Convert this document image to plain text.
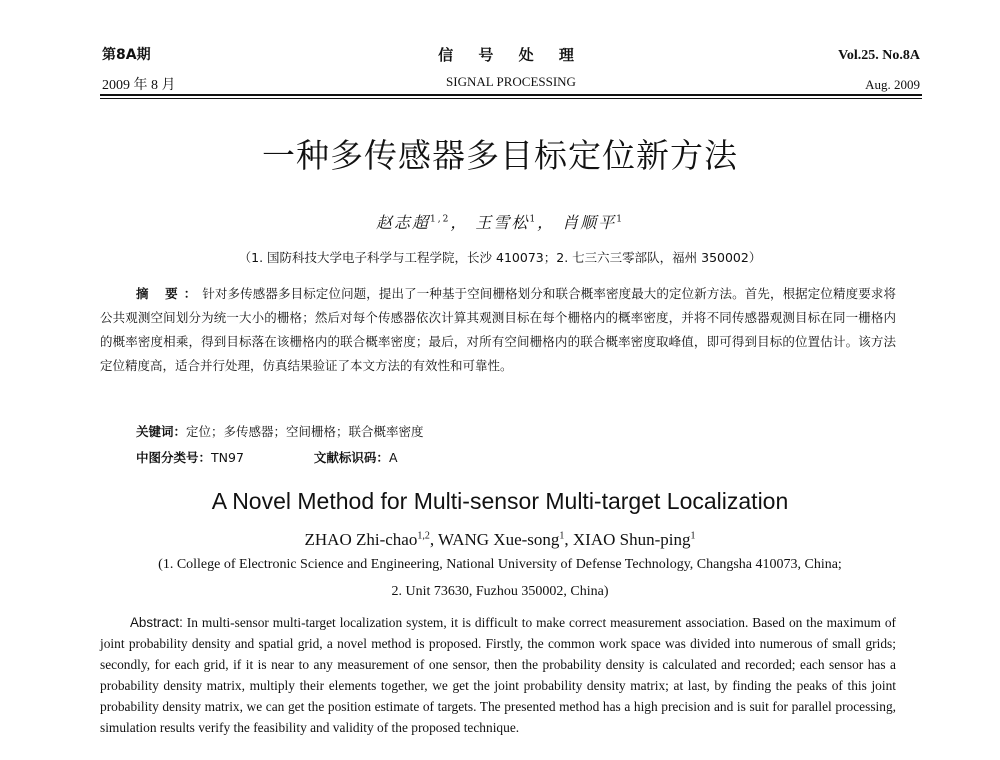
第8A期	信 号 处 理	Vol.25. No.8A
2009 年 8 月	SIGNAL PROCESSING	Aug. 2009
一种多传感器多目标定位新方法
赵志超$^{1,2}$， 王雪松$^1$， 肖顺平$^1$
（1. 国防科技大学电子科学与工程学院，长沙 410073；2. 七三六三零部队，福州 350002）
摘 要：针对多传感器多目标定位问题，提出了一种基于空间栅格划分和联合概率密度最大的定位新方法。首先，根据定位精度要求将公共观测空间划分为统一大小的栅格；然后对每个传感器依次计算其观测目标在每个栅格内的概率密度，并将不同传感器观测目标在同一栅格内的概率密度相乘，得到目标落在该栅格内的联合概率密度；最后，对所有空间栅格内的联合概率密度取峰值，即可得到目标的位置估计。该方法定位精度高，适合并行处理，仿真结果验证了本文方法的有效性和可靠性。
关键词：定位；多传感器；空间栅格；联合概率密度
中图分类号：TN97	文献标识码：A
A Novel Method for Multi-sensor Multi-target Localization
ZHAO Zhi-chao$^{1,2}$, WANG Xue-song$^1$, XIAO Shun-ping$^1$
(1. College of Electronic Science and Engineering, National University of Defense Technology, Changsha 410073, China;
2. Unit 73630, Fuzhou 350002, China)
Abstract: In multi-sensor multi-target localization system, it is difficult to make correct measurement association. Based on the maximum of joint probability density and spatial grid, a novel method is proposed. Firstly, the common work space was divided into numerous of small grids; secondly, for each grid, if it is near to any measurement of one sensor, then the probability density is calculated and recorded; each sensor has a probability density matrix, multiply their elements together, we get the joint probability density matrix; at last, by finding the peaks of this joint probability density matrix, we can get the position estimate of targets. The presented method has a high precision and is suit for parallel processing, simulation results verify the feasibility and validity of the proposed technique.
